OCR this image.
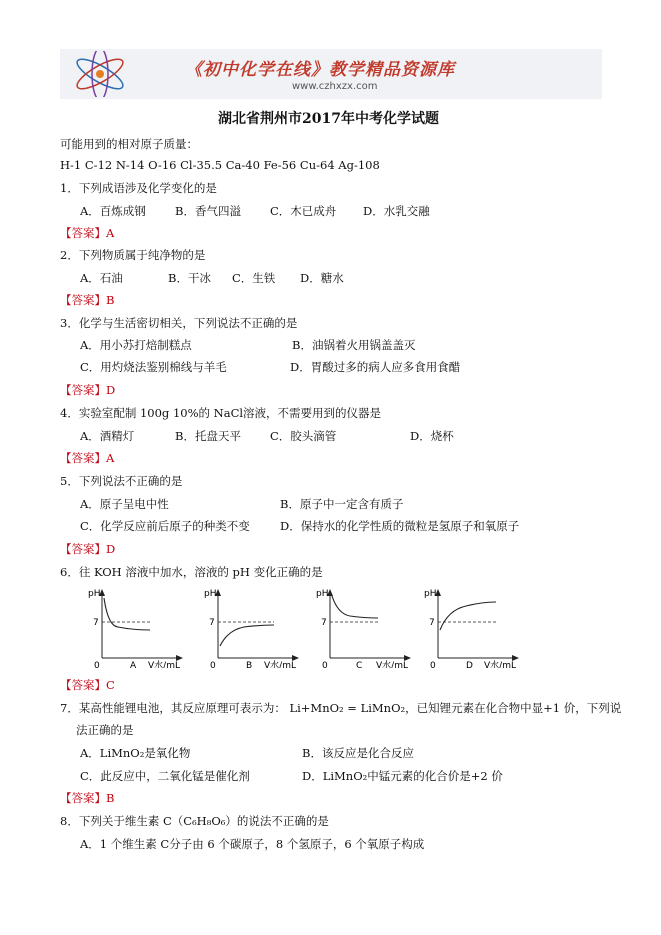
《初中化学在线》教学精品资源库
www.czhxzx.com
湖北省荆州市2017年中考化学试题
可能用到的相对原子质量：
H-1 C-12 N-14 O-16 Cl-35.5 Ca-40 Fe-56 Cu-64 Ag-108
1．下列成语涉及化学变化的是
A．百炼成钢	B．香气四溢	C．木已成舟 D．水乳交融
【答案】A
2．下列物质属于纯净物的是
A．石油	B．干冰 C．生铁 D．糖水
【答案】B
3．化学与生活密切相关，下列说法不正确的是
A．用小苏打焙制糕点	B．油锅着火用锅盖盖灭
C．用灼烧法鉴别棉线与羊毛	D．胃酸过多的病人应多食用食醋
【答案】D
4．实验室配制 100g 10%的 NaCl溶液，不需要用到的仪器是
A．酒精灯	B．托盘天平	C．胶头滴管	D．烧杯
【答案】A
5．下列说法不正确的是
A．原子呈电中性	B．原子中一定含有质子
C．化学反应前后原子的种类不变	D．保持水的化学性质的微粒是氢原子和氧原子
【答案】D
6．往 KOH 溶液中加水，溶液的 pH 变化正确的是
pH
7
0	A V水/mL
pH
7
0	B V水/mL
pH
7
0	C V水/mL
pH
7
0	D V水/mL
【答案】C
7．某高性能锂电池，其反应原理可表示为： Li+MnO₂ = LiMnO₂，已知锂元素在化合物中显+1 价，下列说
法正确的是
A．LiMnO₂是氧化物	B．该反应是化合反应
C．此反应中，二氧化锰是催化剂	D．LiMnO₂中锰元素的化合价是+2 价
【答案】B
8．下列关于维生素 C（C₆H₈O₆）的说法不正确的是
A．1 个维生素 C分子由 6 个碳原子，8 个氢原子，6 个氧原子构成
